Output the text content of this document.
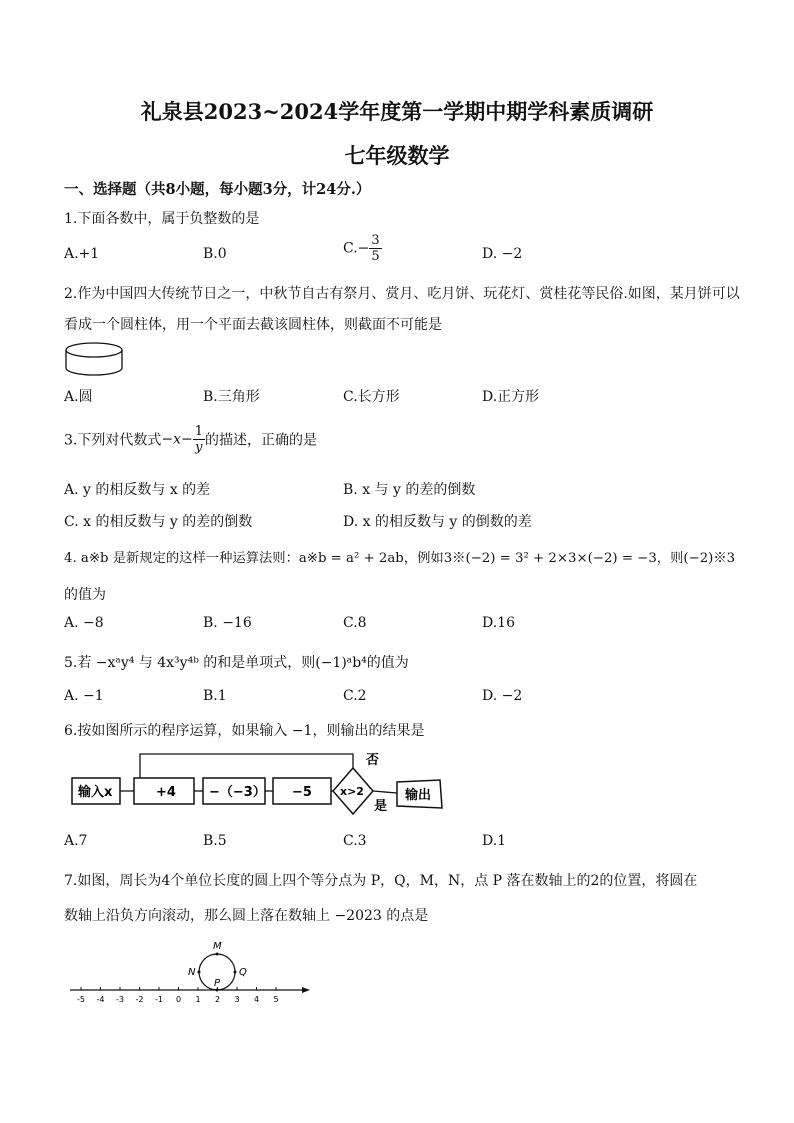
礼泉县2023~2024学年度第一学期中期学科素质调研
七年级数学
一、选择题（共8小题，每小题3分，计24分.）
1.下面各数中，属于负整数的是
A.+1	B.0	$C.- \frac{3}{5}$	D. −2
2.作为中国四大传统节日之一，中秋节自古有祭月、赏月、吃月饼、玩花灯、赏桂花等民俗.如图，某月饼可以
看成一个圆柱体，用一个平面去截该圆柱体，则截面不可能是
A.圆	B.三角形	C.长方形	D.正方形
3.下列对代数式$-x- \frac{1}{y}$ 的描述，正确的是
A. y 的相反数与 x 的差	B. x 与 y 的差的倒数
C. x 的相反数与 y 的差的倒数	D. x 的相反数与 y 的倒数的差
4. a※b 是新规定的这样一种运算法则：a※b = a² + 2ab，例如3※(−2) = 3² + 2×3×(−2) = −3，则(−2)※3
的值为
A. −8	B. −16	C.8	D.16
5.若 −xᵃy⁴ 与 4x³y⁴ᵇ 的和是单项式，则(−1)ᵃb⁴的值为
A. −1	B.1	C.2	D. −2
6.按如图所示的程序运算，如果输入 −1，则输出的结果是
输入x	+4	−（−3） −5	x>2
否
是
输出
A.7	B.5	C.3	D.1
7.如图，周长为4个单位长度的圆上四个等分点为 P，Q，M，N，点 P 落在数轴上的2的位置，将圆在
数轴上沿负方向滚动，那么圆上落在数轴上 −2023 的点是
-5 -4 -3 -2 -1 0 1 2 3 4 5
M
N	Q
P
